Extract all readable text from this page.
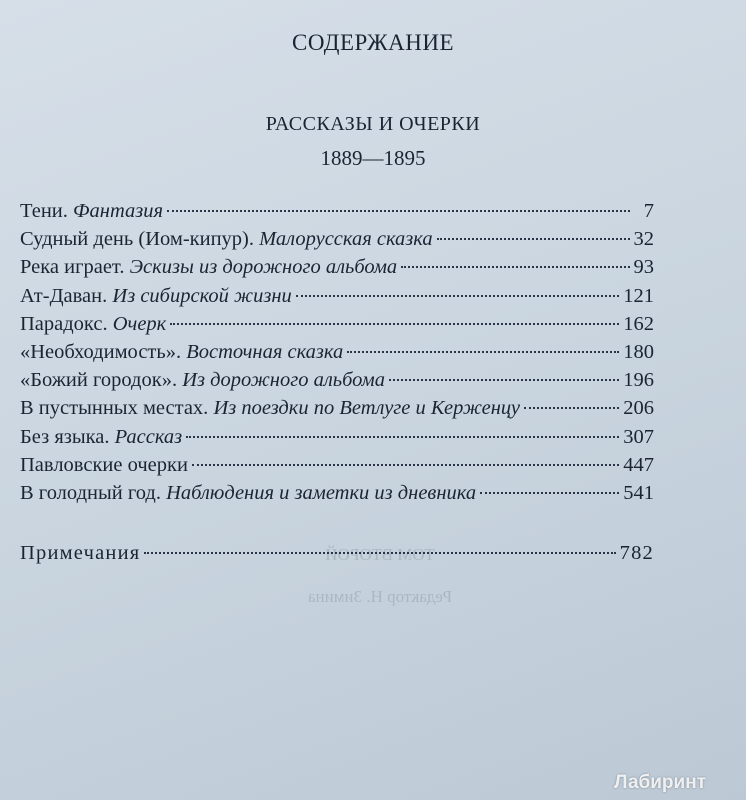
ТОМ ВТОРОЙ
Редактор Н. Зимина
СОДЕРЖАНИЕ
РАССКАЗЫ И ОЧЕРКИ
1889—1895
Тени. Фантазия	7
Судный день (Иом-кипур). Малорусская сказка	32
Река играет. Эскизы из дорожного альбома	93
Ат-Даван. Из сибирской жизни	121
Парадокс. Очерк	162
«Необходимость». Восточная сказка	180
«Божий городок». Из дорожного альбома	196
В пустынных местах. Из поездки по Ветлуге и Керженцу	206
Без языка. Рассказ	307
Павловские очерки	447
В голодный год. Наблюдения и заметки из дневника	541
Примечания	782
Лабиринт
